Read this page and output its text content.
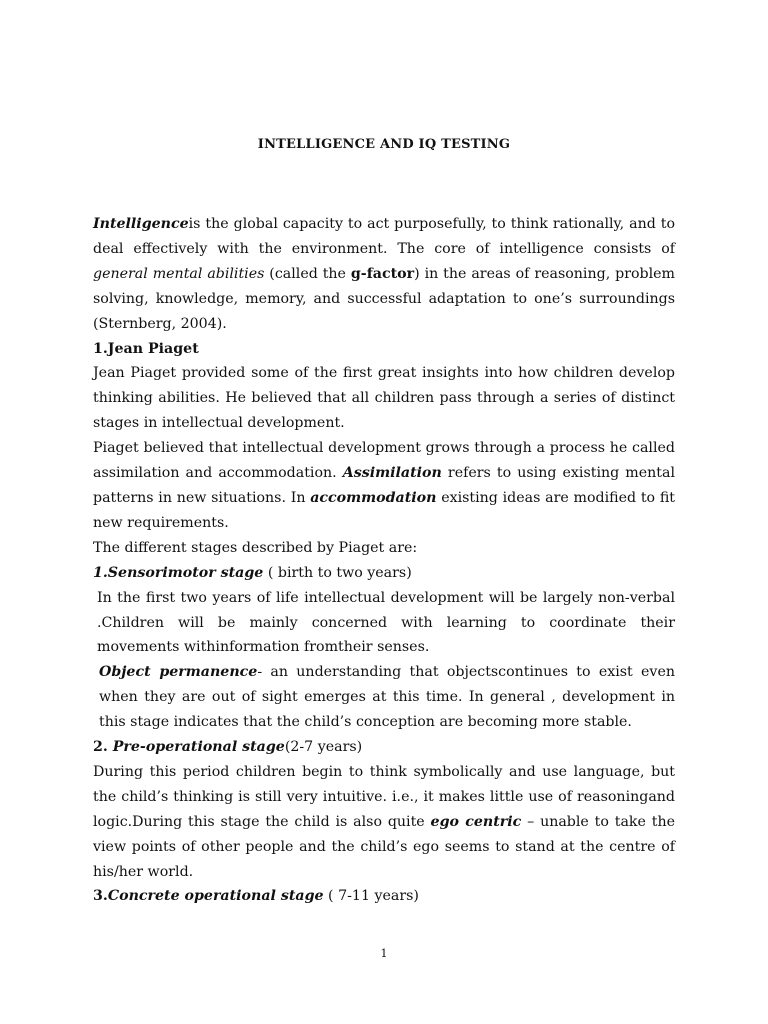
INTELLIGENCE AND IQ TESTING

Intelligenceis the global capacity to act purposefully, to think rationally, and to deal effectively with the environment. The core of intelligence consists of general mental abilities (called the g-factor) in the areas of reasoning, problem solving, knowledge, memory, and successful adaptation to one’s surroundings (Sternberg, 2004).

1.Jean Piaget

Jean Piaget provided some of the first great insights into how children develop thinking abilities. He believed that all children pass through a series of distinct stages in intellectual development.

Piaget believed that intellectual development grows through a process he called assimilation and accommodation. Assimilation refers to using existing mental patterns in new situations. In accommodation existing ideas are modified to fit new requirements.

The different stages described by Piaget are:

1.Sensorimotor stage ( birth to two years)

In the first two years of life intellectual development will be largely non-verbal .Children will be mainly concerned with learning to coordinate their movements withinformation fromtheir senses.

Object permanence- an understanding that objectscontinues to exist even when they are out of sight emerges at this time. In general , development in this stage indicates that the child’s conception are becoming more stable.

2. Pre-operational stage(2-7 years)

During this period children begin to think symbolically and use language, but the child’s thinking is still very intuitive. i.e., it makes little use of reasoningand logic.During this stage the child is also quite ego centric – unable to take the view points of other people and the child’s ego seems to stand at the centre of his/her world.

3.Concrete operational stage ( 7-11 years)

1
